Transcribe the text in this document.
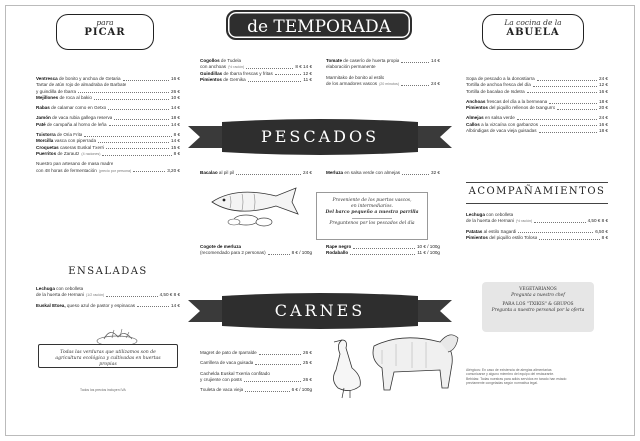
para
PICAR	de TEMPORADA	La cocina de la
ABUELA
Ventresca de bonito y anchoa de Getaria	16 €
Tartar de atún rojo de almadraba de Barbate
y guindilla de Ibarra	26 €
Mejillones de roca al bakio	10 €
Rabas de calamar como en Getxo	14 €
Jamón de vaca rubia gallega reserva	18 €
Paté de campaña al horno de leña	14 €
Txistorra de Oria Frita	8 €
Morcilla vasca con piperrada	14 €
Croquetas caseras Euskal Txerri	15 €
Puerritos de Zarautz (4 raciones)	8 €
Nuestro pan artesano de masa madre
con 48 horas de fermentación (precio por persona)	3,20 €
ENSALADAS
Lechuga con cebolleta
de la huerta de Hernani (1/2 ración)	4,50 € 8 €
Euskal Etxea, queso azul de pastor y espinacas	14 €
Todas las verduras que utilizamos son de agricultura ecológica y cultivadas en huertas propias
Todos los precios incluyen IVA
Cogollos de Tudela
con anchoas (½ ración)	8 € 14 €
Guindillas de Ibarra frescas y fritas	12 €
Pimientos de Gernika	11 €
Tomate de caserío de huerta propia	14 €
elaboración permanente
Marmitako de bonito al estilo
de los armadores vascos (20 minutos)	24 €
PESCADOS
Bacalao al pil pil	24 €	Merluza en salsa verde con almejas	32 €
Proveniente de los puertos vascos,
en intermediarios.
Del barco pequeño a nuestra parrilla
Preguntenos por los pescados del día
Cogote de merluza
(recomendado para 2 personas)	8 € / 100g
Rape negro	10 € / 100g
Rodaballo	11 € / 100g
CARNES
Magret de pato de Iparralde	26 €
Carrillera de vaca guisada	25 €
Cachelda Euskal Txerria confitado
y crujiente con posts	26 €
Txuleta de vaca vieja	6 € / 100g
Sopa de pescado a la donostiarra	24 €
Tortilla de anchoa fresca del día	12 €
Tortilla de bacalao de Isdetra	16 €
Anchoas frescas del día a la bermeana	18 €
Pimientos del piquillo rellenos de txangurro	20 €
Almejas en salsa verde	24 €
Callos a la vizcaína con garbanzos	16 €
Albóndigas de vaca vieja guisadas	18 €
ACOMPAÑAMIENTOS
Lechuga con cebolleta
de la huerta de Hernani (½ ración)	4,50 € 8 €
Patatas al estilo Sagardi	6,50 €
Pimientos del piquillo estilo Tolosa	8 €
VEGETARIANOS
Pregunta a nuestro chef
PARA LOS "TXIKIS" & GRUPOS
Pregunta a nuestro personal por la oferta
Alérgicos: En caso de existencia de alergias alimentarias
comunicarse y alguno miembro del equipo del restaurante.
Bebidas: Todas nuestras para adiós servidos en tarado han estado
previamente congeladas según normativa legal.
